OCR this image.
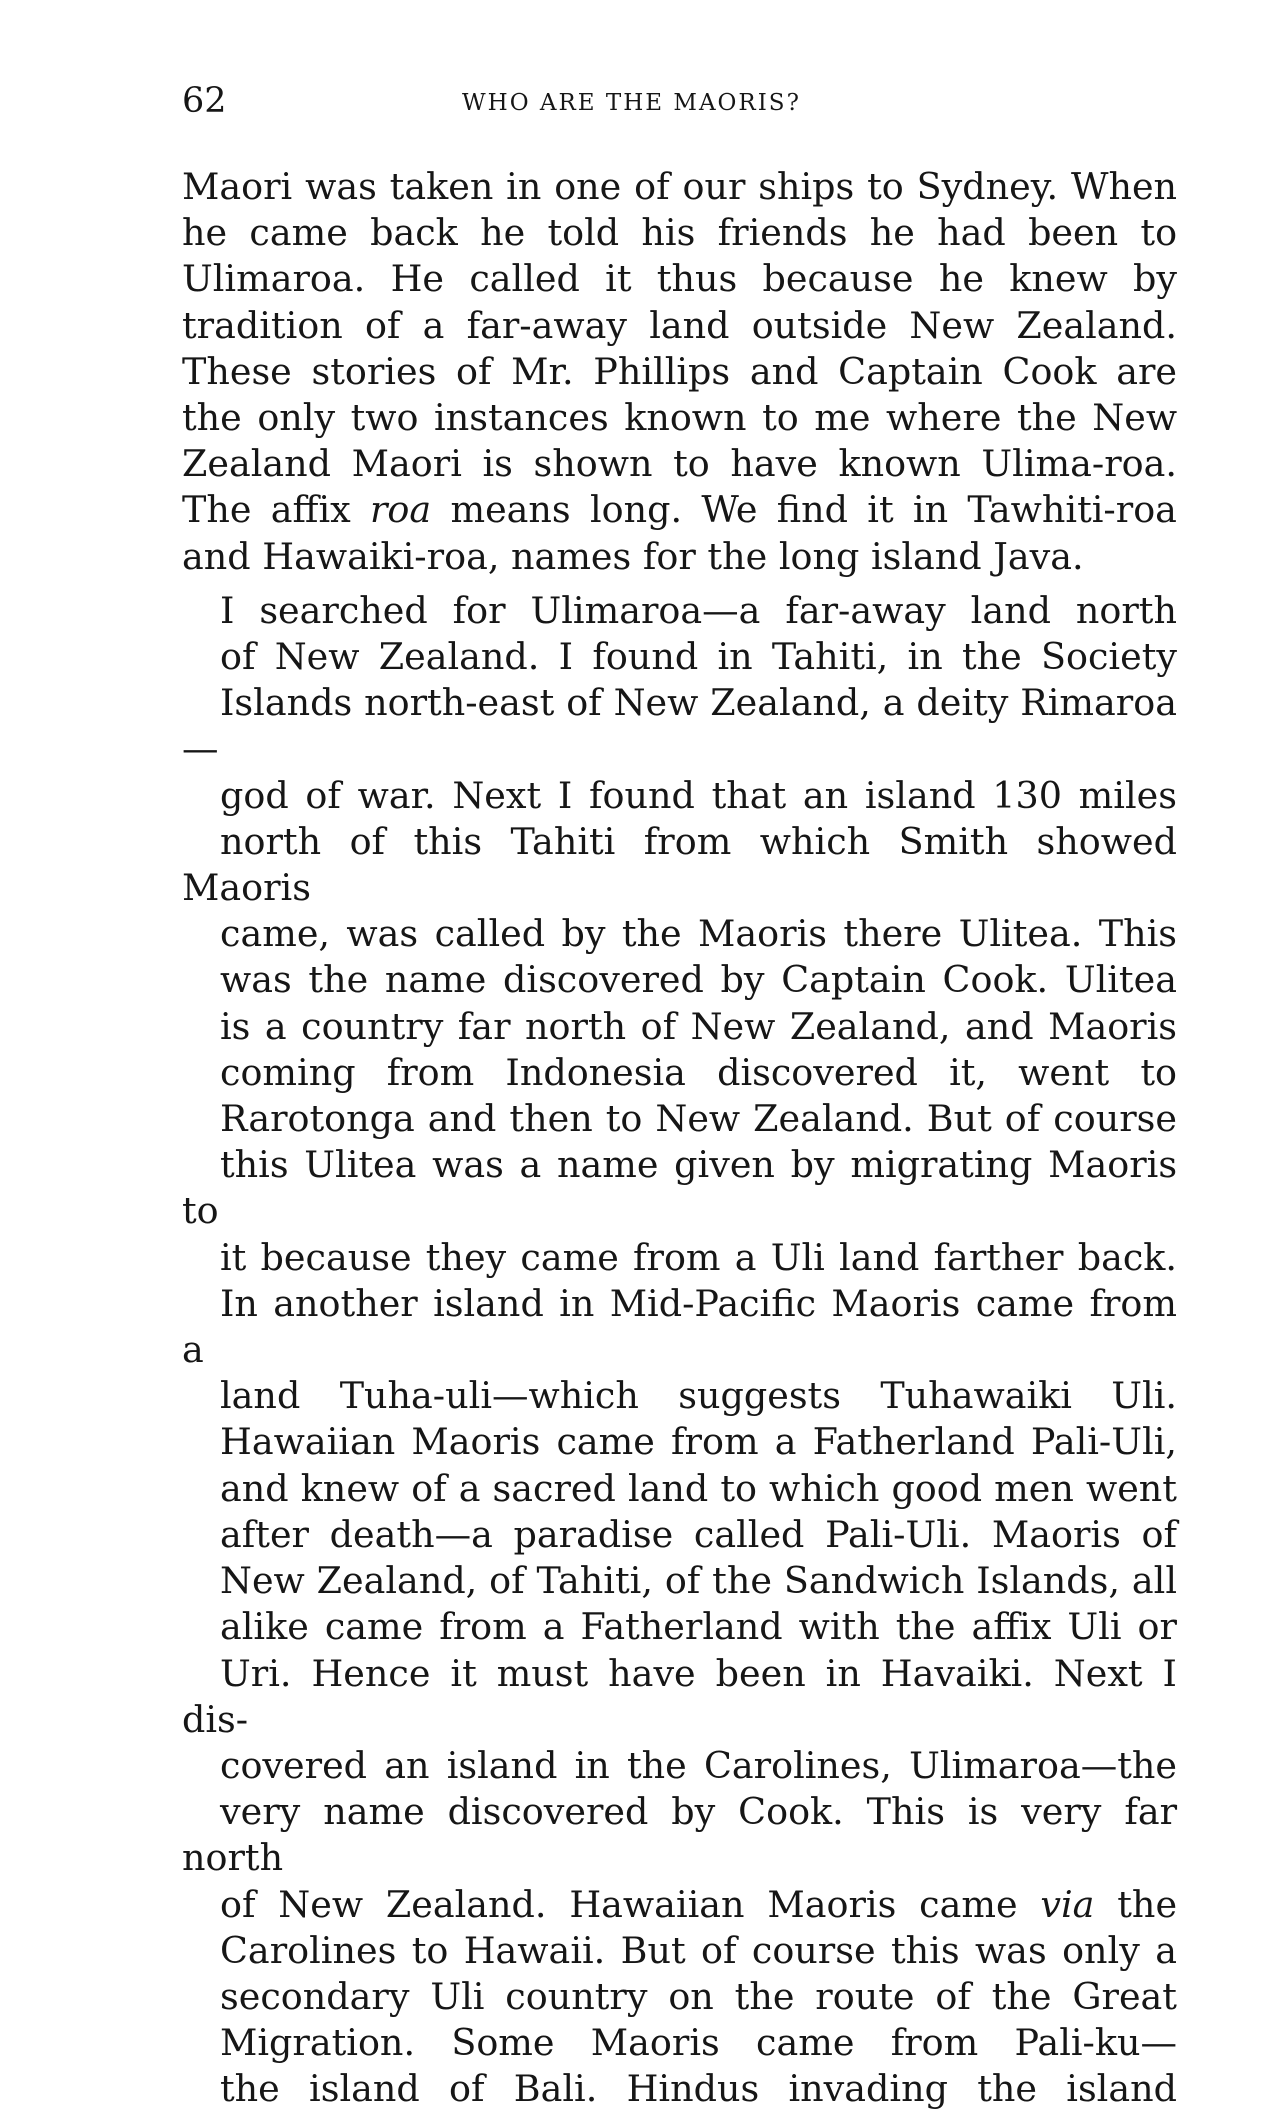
62	WHO ARE THE MAORIS?

Maori was taken in one of our ships to Sydney. When
he came back he told his friends he had been to
Ulimaroa. He called it thus because he knew by
tradition of a far-away land outside New Zealand.
These stories of Mr. Phillips and Captain Cook are
the only two instances known to me where the New
Zealand Maori is shown to have known Ulima-roa.
The affix roa means long. We find it in Tawhiti-roa
and Hawaiki-roa, names for the long island Java.

I searched for Ulimaroa—a far-away land north
of New Zealand. I found in Tahiti, in the Society
Islands north-east of New Zealand, a deity Rimaroa—
god of war. Next I found that an island 130 miles
north of this Tahiti from which Smith showed Maoris
came, was called by the Maoris there Ulitea. This
was the name discovered by Captain Cook. Ulitea
is a country far north of New Zealand, and Maoris
coming from Indonesia discovered it, went to
Rarotonga and then to New Zealand. But of course
this Ulitea was a name given by migrating Maoris to
it because they came from a Uli land farther back.
In another island in Mid-Pacific Maoris came from a
land Tuha-uli—which suggests Tuhawaiki Uli.
Hawaiian Maoris came from a Fatherland Pali-Uli,
and knew of a sacred land to which good men went
after death—a paradise called Pali-Uli. Maoris of
New Zealand, of Tahiti, of the Sandwich Islands, all
alike came from a Fatherland with the affix Uli or
Uri. Hence it must have been in Havaiki. Next I dis-
covered an island in the Carolines, Ulimaroa—the
very name discovered by Cook. This is very far north
of New Zealand. Hawaiian Maoris came via the
Carolines to Hawaii. But of course this was only a
secondary Uli country on the route of the Great
Migration. Some Maoris came from Pali-ku—
the island of Bali. Hindus invading the island
